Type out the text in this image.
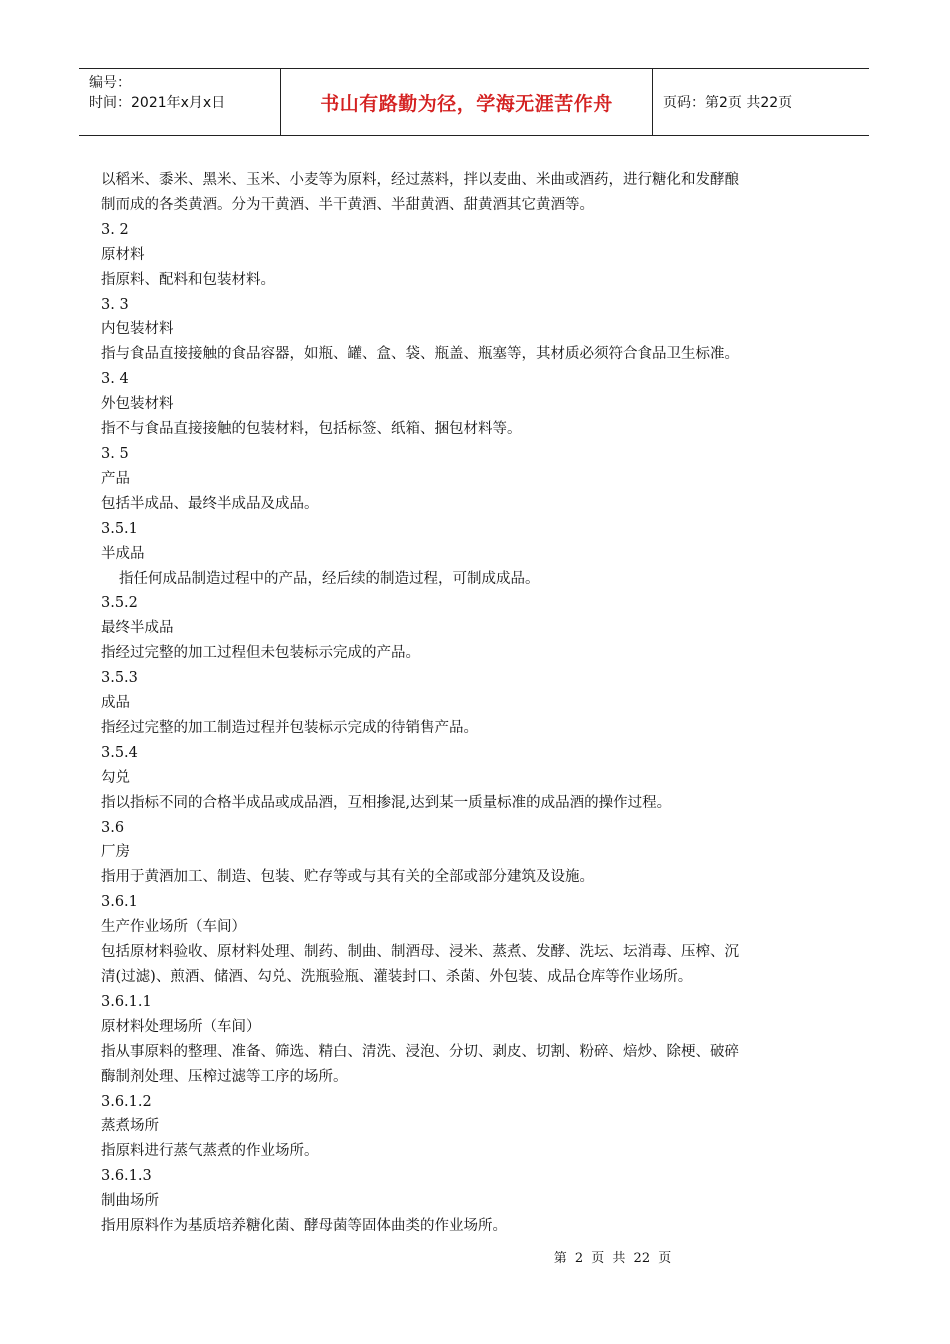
编号：
时间：2021年x月x日	书山有路勤为径，学海无涯苦作舟	页码：第2页 共22页

以稻米、黍米、黑米、玉米、小麦等为原料，经过蒸料，拌以麦曲、米曲或酒药，进行糖化和发酵酿

制而成的各类黄酒。分为干黄酒、半干黄酒、半甜黄酒、甜黄酒其它黄酒等。

3. 2

原材料

指原料、配料和包装材料。

3. 3

内包装材料

指与食品直接接触的食品容器，如瓶、罐、盒、袋、瓶盖、瓶塞等，其材质必须符合食品卫生标准。

3. 4

外包装材料

指不与食品直接接触的包装材料，包括标签、纸箱、捆包材料等。

3. 5

产品

包括半成品、最终半成品及成品。

3.5.1

半成品

指任何成品制造过程中的产品，经后续的制造过程，可制成成品。

3.5.2

最终半成品

指经过完整的加工过程但未包装标示完成的产品。

3.5.3

成品

指经过完整的加工制造过程并包装标示完成的待销售产品。

3.5.4

勾兑

指以指标不同的合格半成品或成品酒，互相掺混,达到某一质量标准的成品酒的操作过程。

3.6

厂房

指用于黄酒加工、制造、包装、贮存等或与其有关的全部或部分建筑及设施。

3.6.1

生产作业场所（车间）

包括原材料验收、原材料处理、制药、制曲、制酒母、浸米、蒸煮、发酵、洗坛、坛消毒、压榨、沉

清(过滤)、煎酒、储酒、勾兑、洗瓶验瓶、灌装封口、杀菌、外包装、成品仓库等作业场所。

3.6.1.1

原材料处理场所（车间）

指从事原料的整理、准备、筛选、精白、清洗、浸泡、分切、剥皮、切割、粉碎、焙炒、除梗、破碎

酶制剂处理、压榨过滤等工序的场所。

3.6.1.2

蒸煮场所

指原料进行蒸气蒸煮的作业场所。

3.6.1.3

制曲场所

指用原料作为基质培养糖化菌、酵母菌等固体曲类的作业场所。

第 2 页 共 22 页
